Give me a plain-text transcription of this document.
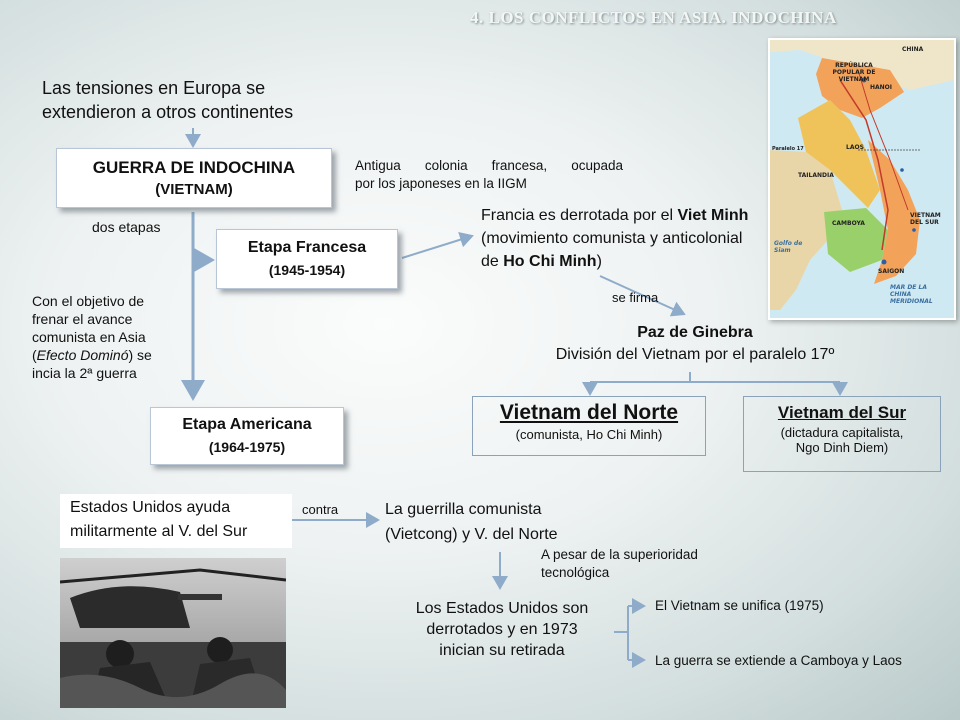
4. LOS CONFLICTOS EN ASIA. INDOCHINA
Las tensiones en Europa se
extendieron a otros continentes
GUERRA DE INDOCHINA
(VIETNAM)
Antigua colonia francesa, ocupada
por los japoneses en la IIGM
dos etapas
Etapa Francesa
(1945-1954)
Francia es derrotada por el Viet Minh (movimiento comunista y anticolonial de Ho Chi Minh)
se firma
Paz de Ginebra
División del Vietnam por el paralelo 17º
Vietnam del Norte
(comunista, Ho Chi Minh)
Vietnam del Sur
(dictadura capitalista,
Ngo Dinh Diem)
Con el objetivo de
frenar el avance
comunista en Asia
(Efecto Dominó) se
incia la 2ª guerra
Etapa Americana
(1964-1975)
Estados Unidos ayuda
militarmente al V. del Sur
contra	La guerrilla comunista
(Vietcong) y V. del Norte
A pesar de la superioridad
tecnológica
Los Estados Unidos son
derrotados y en 1973
inician su retirada
El Vietnam se unifica (1975)
La guerra se extiende a Camboya y Laos
CHINA
REPÚBLICA POPULAR DE VIETNAM
HANOI
Paralelo 17	LAOS
TAILANDIA
CAMBOYA
VIETNAM DEL SUR
Golfo de Siam
SAIGON
MAR DE LA CHINA MERIDIONAL
